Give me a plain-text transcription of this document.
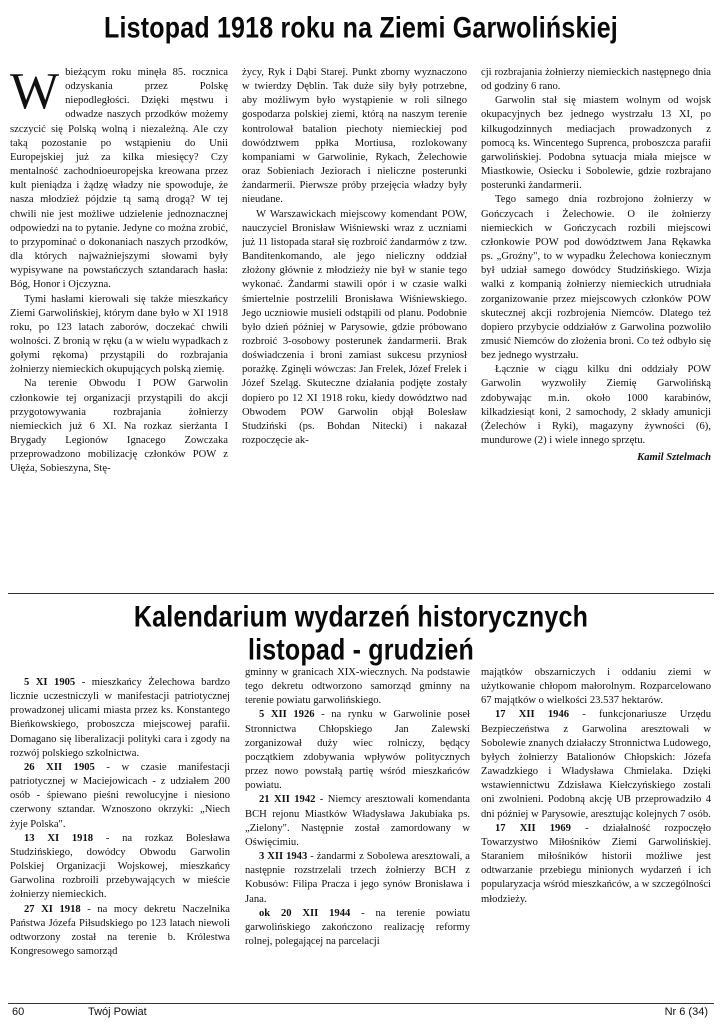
Listopad 1918 roku na Ziemi Garwolińskiej
W bieżącym roku minęła 85. rocznica odzyskania przez Polskę niepodległości. Dzięki męstwu i odwadze naszych przodków możemy szczycić się Polską wolną i niezależną. Ale czy taką pozostanie po wstąpieniu do Unii Europejskiej już za kilka miesięcy? Czy mentalność zachodnioeuropejska kreowana przez kult pieniądza i żądzę władzy nie spowoduje, że nasza młodzież pójdzie tą samą drogą? W tej chwili nie jest możliwe udzielenie jednoznacznej odpowiedzi na to pytanie. Jedyne co można zrobić, to przypominać o dokonaniach naszych przodków, dla których najważniejszymi słowami były wypisywane na powstańczych sztandarach hasła: Bóg, Honor i Ojczyzna.

Tymi hasłami kierowali się także mieszkańcy Ziemi Garwolińskiej, którym dane było w XI 1918 roku, po 123 latach zaborów, doczekać chwili wolności. Z bronią w ręku (a w wielu wypadkach z gołymi rękoma) przystąpili do rozbrajania żołnierzy niemieckich okupujących polską ziemię.

Na terenie Obwodu I POW Garwolin członkowie tej organizacji przystąpili do akcji przygotowywania rozbrajania żołnierzy niemieckich już 6 XI. Na rozkaz sierżanta I Brygady Legionów Ignacego Zowczaka przeprowadzono mobilizację członków POW z Ułęża, Sobieszyna, Stę-

życy, Ryk i Dąbi Starej. Punkt zborny wyznaczono w twierdzy Dęblin. Tak duże siły były potrzebne, aby możliwym było wystąpienie w roli silnego gospodarza polskiej ziemi, którą na naszym terenie kontrolował batalion piechoty niemieckiej pod dowództwem ppłka Mortiusa, rozlokowany kompaniami w Garwolinie, Rykach, Żelechowie oraz Sobieniach Jeziorach i nieliczne posterunki żandarmerii. Pierwsze próby przejęcia władzy były nieudane.

W Warszawickach miejscowy komendant POW, nauczyciel Bronisław Wiśniewski wraz z uczniami już 11 listopada starał się rozbroić żandarmów z tzw. Banditenkomando, ale jego nieliczny oddział złożony głównie z młodzieży nie był w stanie tego wykonać. Żandarmi stawili opór i w czasie walki śmiertelnie postrzelili Bronisława Wiśniewskiego. Jego uczniowie musieli odstąpili od planu. Podobnie było dzień później w Parysowie, gdzie próbowano rozbroić 3-osobowy posterunek żandarmerii. Brak doświadczenia i broni zamiast sukcesu przyniosł porażkę. Zginęli wówczas: Jan Frelek, Józef Frelek i Józef Szeląg. Skuteczne działania podjęte zostały dopiero po 12 XI 1918 roku, kiedy dowództwo nad Obwodem POW Garwolin objął Bolesław Studziński (ps. Bohdan Nitecki) i nakazał rozpoczęcie ak-

cji rozbrajania żołnierzy niemieckich następnego dnia od godziny 6 rano.

Garwolin stał się miastem wolnym od wojsk okupacyjnych bez jednego wystrzału 13 XI, po kilkugodzinnych mediacjach prowadzonych z pomocą ks. Wincentego Suprenca, proboszcza parafii garwolińskiej. Podobna sytuacja miała miejsce w Miastkowie, Osiecku i Sobolewie, gdzie rozbrajano posterunki żandarmerii.

Tego samego dnia rozbrojono żołnierzy w Gończycach i Żelechowie. O ile żołnierzy niemieckich w Gończycach rozbili miejscowi członkowie POW pod dowództwem Jana Rękawka ps. „Groźny", to w wypadku Żelechowa koniecznym był udział samego dowódcy Studzińskiego. Wizja walki z kompanią żołnierzy niemieckich utrudniała zorganizowanie przez miejscowych członków POW skutecznej akcji rozbrojenia Niemców. Dlatego też dopiero przybycie oddziałów z Garwolina pozwoliło zmusić Niemców do złożenia broni. Co też odbyło się bez jednego wystrzału.

Łącznie w ciągu kilku dni oddziały POW Garwolin wyzwoliły Ziemię Garwolińską zdobywając m.in. około 1000 karabinów, kilkadziesiąt koni, 2 samochody, 2 składy amunicji (Żelechów i Ryki), magazyny żywności (6), mundurowe (2) i wiele innego sprzętu.

Kamil Sztelmach

Kalendarium wydarzeń historycznych
listopad - grudzień

5 XI 1905 - mieszkańcy Żelechowa bardzo licznie uczestniczyli w manifestacji patriotycznej prowadzonej ulicami miasta przez ks. Konstantego Bieńkowskiego, proboszcza miejscowej parafii. Domagano się liberalizacji polityki cara i zgody na rozwój polskiego szkolnictwa.

26 XII 1905 - w czasie manifestacji patriotycznej w Maciejowicach - z udziałem 200 osób - śpiewano pieśni rewolucyjne i niesiono czerwony sztandar. Wznoszono okrzyki: „Niech żyje Polska".

13 XI 1918 - na rozkaz Bolesława Studzińskiego, dowódcy Obwodu Garwolin Polskiej Organizacji Wojskowej, mieszkańcy Garwolina rozbroili przebywających w mieście żołnierzy niemieckich.

27 XI 1918 - na mocy dekretu Naczelnika Państwa Józefa Piłsudskiego po 123 latach niewoli odtworzony został na terenie b. Królestwa Kongresowego samorząd

gminny w granicach XIX-wiecznych. Na podstawie tego dekretu odtworzono samorząd gminny na terenie powiatu garwolińskiego.

5 XII 1926 - na rynku w Garwolinie poseł Stronnictwa Chłopskiego Jan Zalewski zorganizował duży wiec rolniczy, będący początkiem zdobywania wpływów politycznych przez nowo powstałą partię wśród mieszkańców powiatu.

21 XII 1942 - Niemcy aresztowali komendanta BCH rejonu Miastków Władysława Jakubiaka ps. „Zielony". Następnie został zamordowany w Oświęcimiu.

3 XII 1943 - żandarmi z Sobolewa aresztowali, a następnie rozstrzelali trzech żołnierzy BCH z Kobusów: Filipa Pracza i jego synów Bronisława i Jana.

ok 20 XII 1944 - na terenie powiatu garwolińskiego zakończono realizację reformy rolnej, polegającej na parcelacji

majątków obszarniczych i oddaniu ziemi w użytkowanie chłopom małorolnym. Rozparcelowano 67 majątków o wielkości 23.537 hektarów.

17 XII 1946 - funkcjonariusze Urzędu Bezpieczeństwa z Garwolina aresztowali w Sobolewie znanych działaczy Stronnictwa Ludowego, byłych żołnierzy Batalionów Chłopskich: Józefa Zawadzkiego i Władysława Chmielaka. Dzięki wstawiennictwu Zdzisława Kiełczyńskiego zostali oni zwolnieni. Podobną akcję UB przeprowadziło 4 dni później w Parysowie, aresztując kolejnych 7 osób.

17 XII 1969 - działalność rozpoczęło Towarzystwo Miłośników Ziemi Garwolińskiej. Staraniem miłośników historii możliwe jest odtwarzanie przebiegu minionych wydarzeń i ich popularyzacja wśród mieszkańców, a w szczególności młodzieży.

60	Twój Powiat	Nr 6 (34)
